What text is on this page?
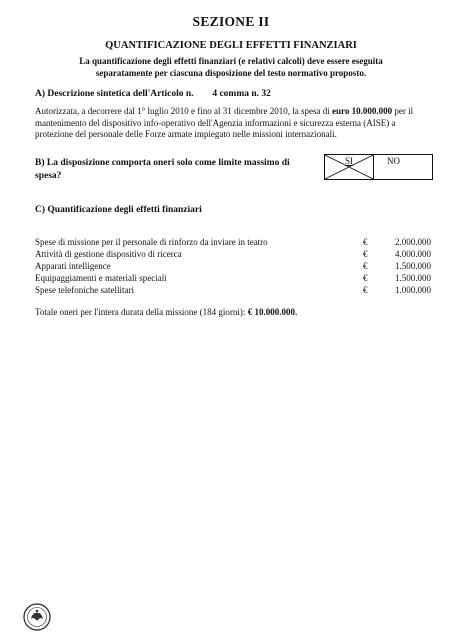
SEZIONE II
QUANTIFICAZIONE DEGLI EFFETTI FINANZIARI
La quantificazione degli effetti finanziari (e relativi calcoli) deve essere eseguita
separatamente per ciascuna disposizione del testo normativo proposto.
A) Descrizione sintetica dell'Articolo n. 4 comma n. 32
Autorizzata, a decorrere dal 1° luglio 2010 e fino al 31 dicembre 2010, la spesa di euro 10.000.000 per il mantenimento del dispositivo info-operativo dell'Agenzia informazioni e sicurezza esterna (AISE) a protezione del personale delle Forze armate impiegato nelle missioni internazionali.
B) La disposizione comporta oneri solo come limite massimo di spesa?
SI	NO
C) Quantificazione degli effetti finanziari
Spese di missione per il personale di rinforzo da inviare in teatro	€	2.000.000
Attività di gestione dispositivo di ricerca	€	4.000.000
Apparati intelligence	€	1.500.000
Equipaggiamenti e materiali speciali	€	1.500.000
Spese telefoniche satellitari	€	1.000.000
Totale oneri per l'intera durata della missione (184 giorni): € 10.000.000.
